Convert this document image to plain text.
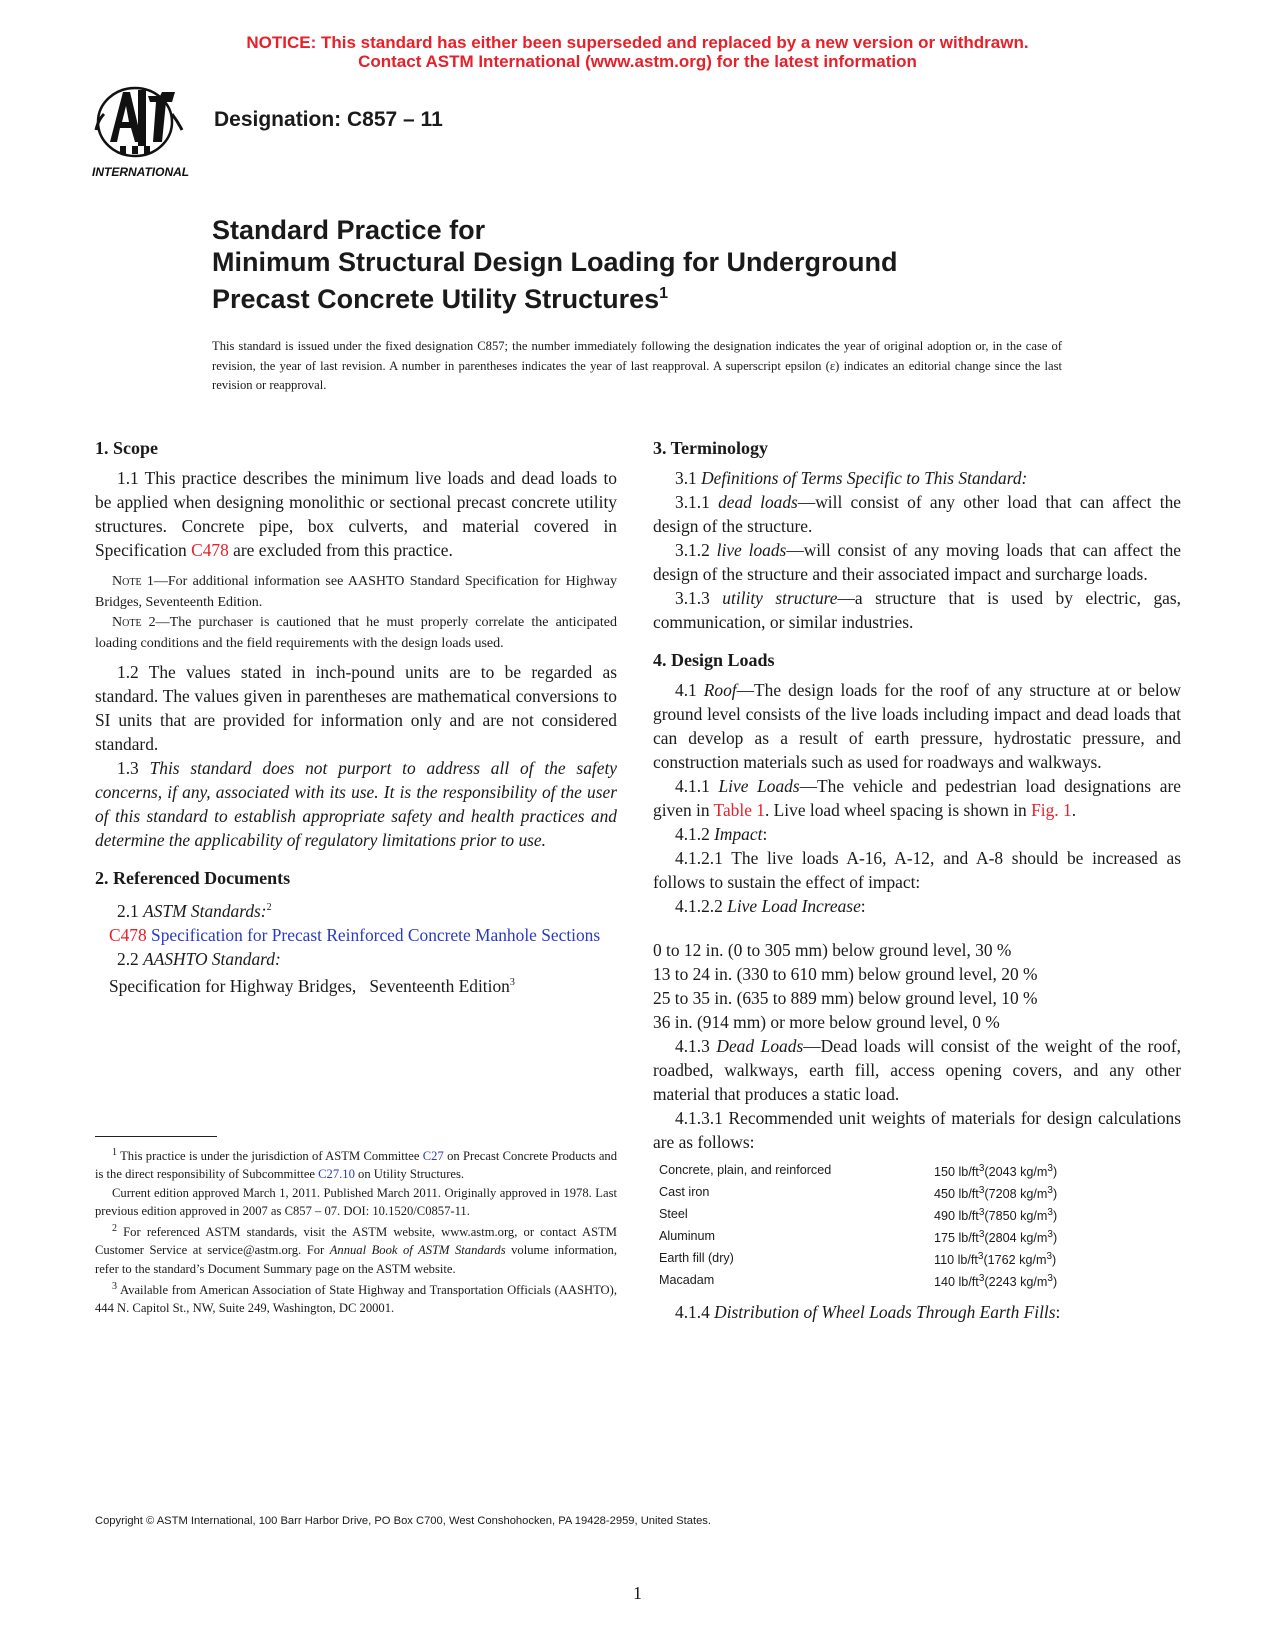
NOTICE: This standard has either been superseded and replaced by a new version or withdrawn.
Contact ASTM International (www.astm.org) for the latest information
INTERNATIONAL
Designation: C857 – 11
Standard Practice for
Minimum Structural Design Loading for Underground
Precast Concrete Utility Structures$^1$
This standard is issued under the fixed designation C857; the number immediately following the designation indicates the year of original adoption or, in the case of revision, the year of last revision. A number in parentheses indicates the year of last reapproval. A superscript epsilon (ε) indicates an editorial change since the last revision or reapproval.
1. Scope

1.1 This practice describes the minimum live loads and dead loads to be applied when designing monolithic or sectional precast concrete utility structures. Concrete pipe, box culverts, and material covered in Specification C478 are excluded from this practice.

Note 1—For additional information see AASHTO Standard Specification for Highway Bridges, Seventeenth Edition.

Note 2—The purchaser is cautioned that he must properly correlate the anticipated loading conditions and the field requirements with the design loads used.

1.2 The values stated in inch-pound units are to be regarded as standard. The values given in parentheses are mathematical conversions to SI units that are provided for information only and are not considered standard.

1.3 This standard does not purport to address all of the safety concerns, if any, associated with its use. It is the responsibility of the user of this standard to establish appropriate safety and health practices and determine the applicability of regulatory limitations prior to use.

2. Referenced Documents

2.1 ASTM Standards:$^2$

C478 Specification for Precast Reinforced Concrete Manhole Sections

2.2 AASHTO Standard:

Specification for Highway Bridges,   Seventeenth Edition$^3$

$^1$ This practice is under the jurisdiction of ASTM Committee C27 on Precast Concrete Products and is the direct responsibility of Subcommittee C27.10 on Utility Structures.

Current edition approved March 1, 2011. Published March 2011. Originally approved in 1978. Last previous edition approved in 2007 as C857 – 07. DOI: 10.1520/C0857-11.

$^2$ For referenced ASTM standards, visit the ASTM website, www.astm.org, or contact ASTM Customer Service at service@astm.org. For Annual Book of ASTM Standards volume information, refer to the standard’s Document Summary page on the ASTM website.

$^3$ Available from American Association of State Highway and Transportation Officials (AASHTO), 444 N. Capitol St., NW, Suite 249, Washington, DC 20001.

3. Terminology

3.1 Definitions of Terms Specific to This Standard:

3.1.1 dead loads—will consist of any other load that can affect the design of the structure.

3.1.2 live loads—will consist of any moving loads that can affect the design of the structure and their associated impact and surcharge loads.

3.1.3 utility structure—a structure that is used by electric, gas, communication, or similar industries.

4. Design Loads

4.1 Roof—The design loads for the roof of any structure at or below ground level consists of the live loads including impact and dead loads that can develop as a result of earth pressure, hydrostatic pressure, and construction materials such as used for roadways and walkways.

4.1.1 Live Loads—The vehicle and pedestrian load designations are given in Table 1. Live load wheel spacing is shown in Fig. 1.

4.1.2 Impact:

4.1.2.1 The live loads A-16, A-12, and A-8 should be increased as follows to sustain the effect of impact:

4.1.2.2 Live Load Increase:

0 to 12 in. (0 to 305 mm) below ground level, 30 %

13 to 24 in. (330 to 610 mm) below ground level, 20 %

25 to 35 in. (635 to 889 mm) below ground level, 10 %

36 in. (914 mm) or more below ground level, 0 %

4.1.3 Dead Loads—Dead loads will consist of the weight of the roof, roadbed, walkways, earth fill, access opening covers, and any other material that produces a static load.

4.1.3.1 Recommended unit weights of materials for design calculations are as follows:

Concrete, plain, and reinforced	150 $lb/ft^3(2043$ $kg/m^3$)
Cast iron	450 $lb/ft^3(7208$ $kg/m^3$)
Steel	490 $lb/ft^3(7850$ $kg/m^3$)
Aluminum	175 $lb/ft^3(2804$ $kg/m^3$)
Earth fill (dry)	110 $lb/ft^3(1762$ $kg/m^3$)
Macadam	140 $lb/ft^3(2243$ $kg/m^3$)

4.1.4 Distribution of Wheel Loads Through Earth Fills:

Copyright © ASTM International, 100 Barr Harbor Drive, PO Box C700, West Conshohocken, PA 19428-2959, United States.
1
